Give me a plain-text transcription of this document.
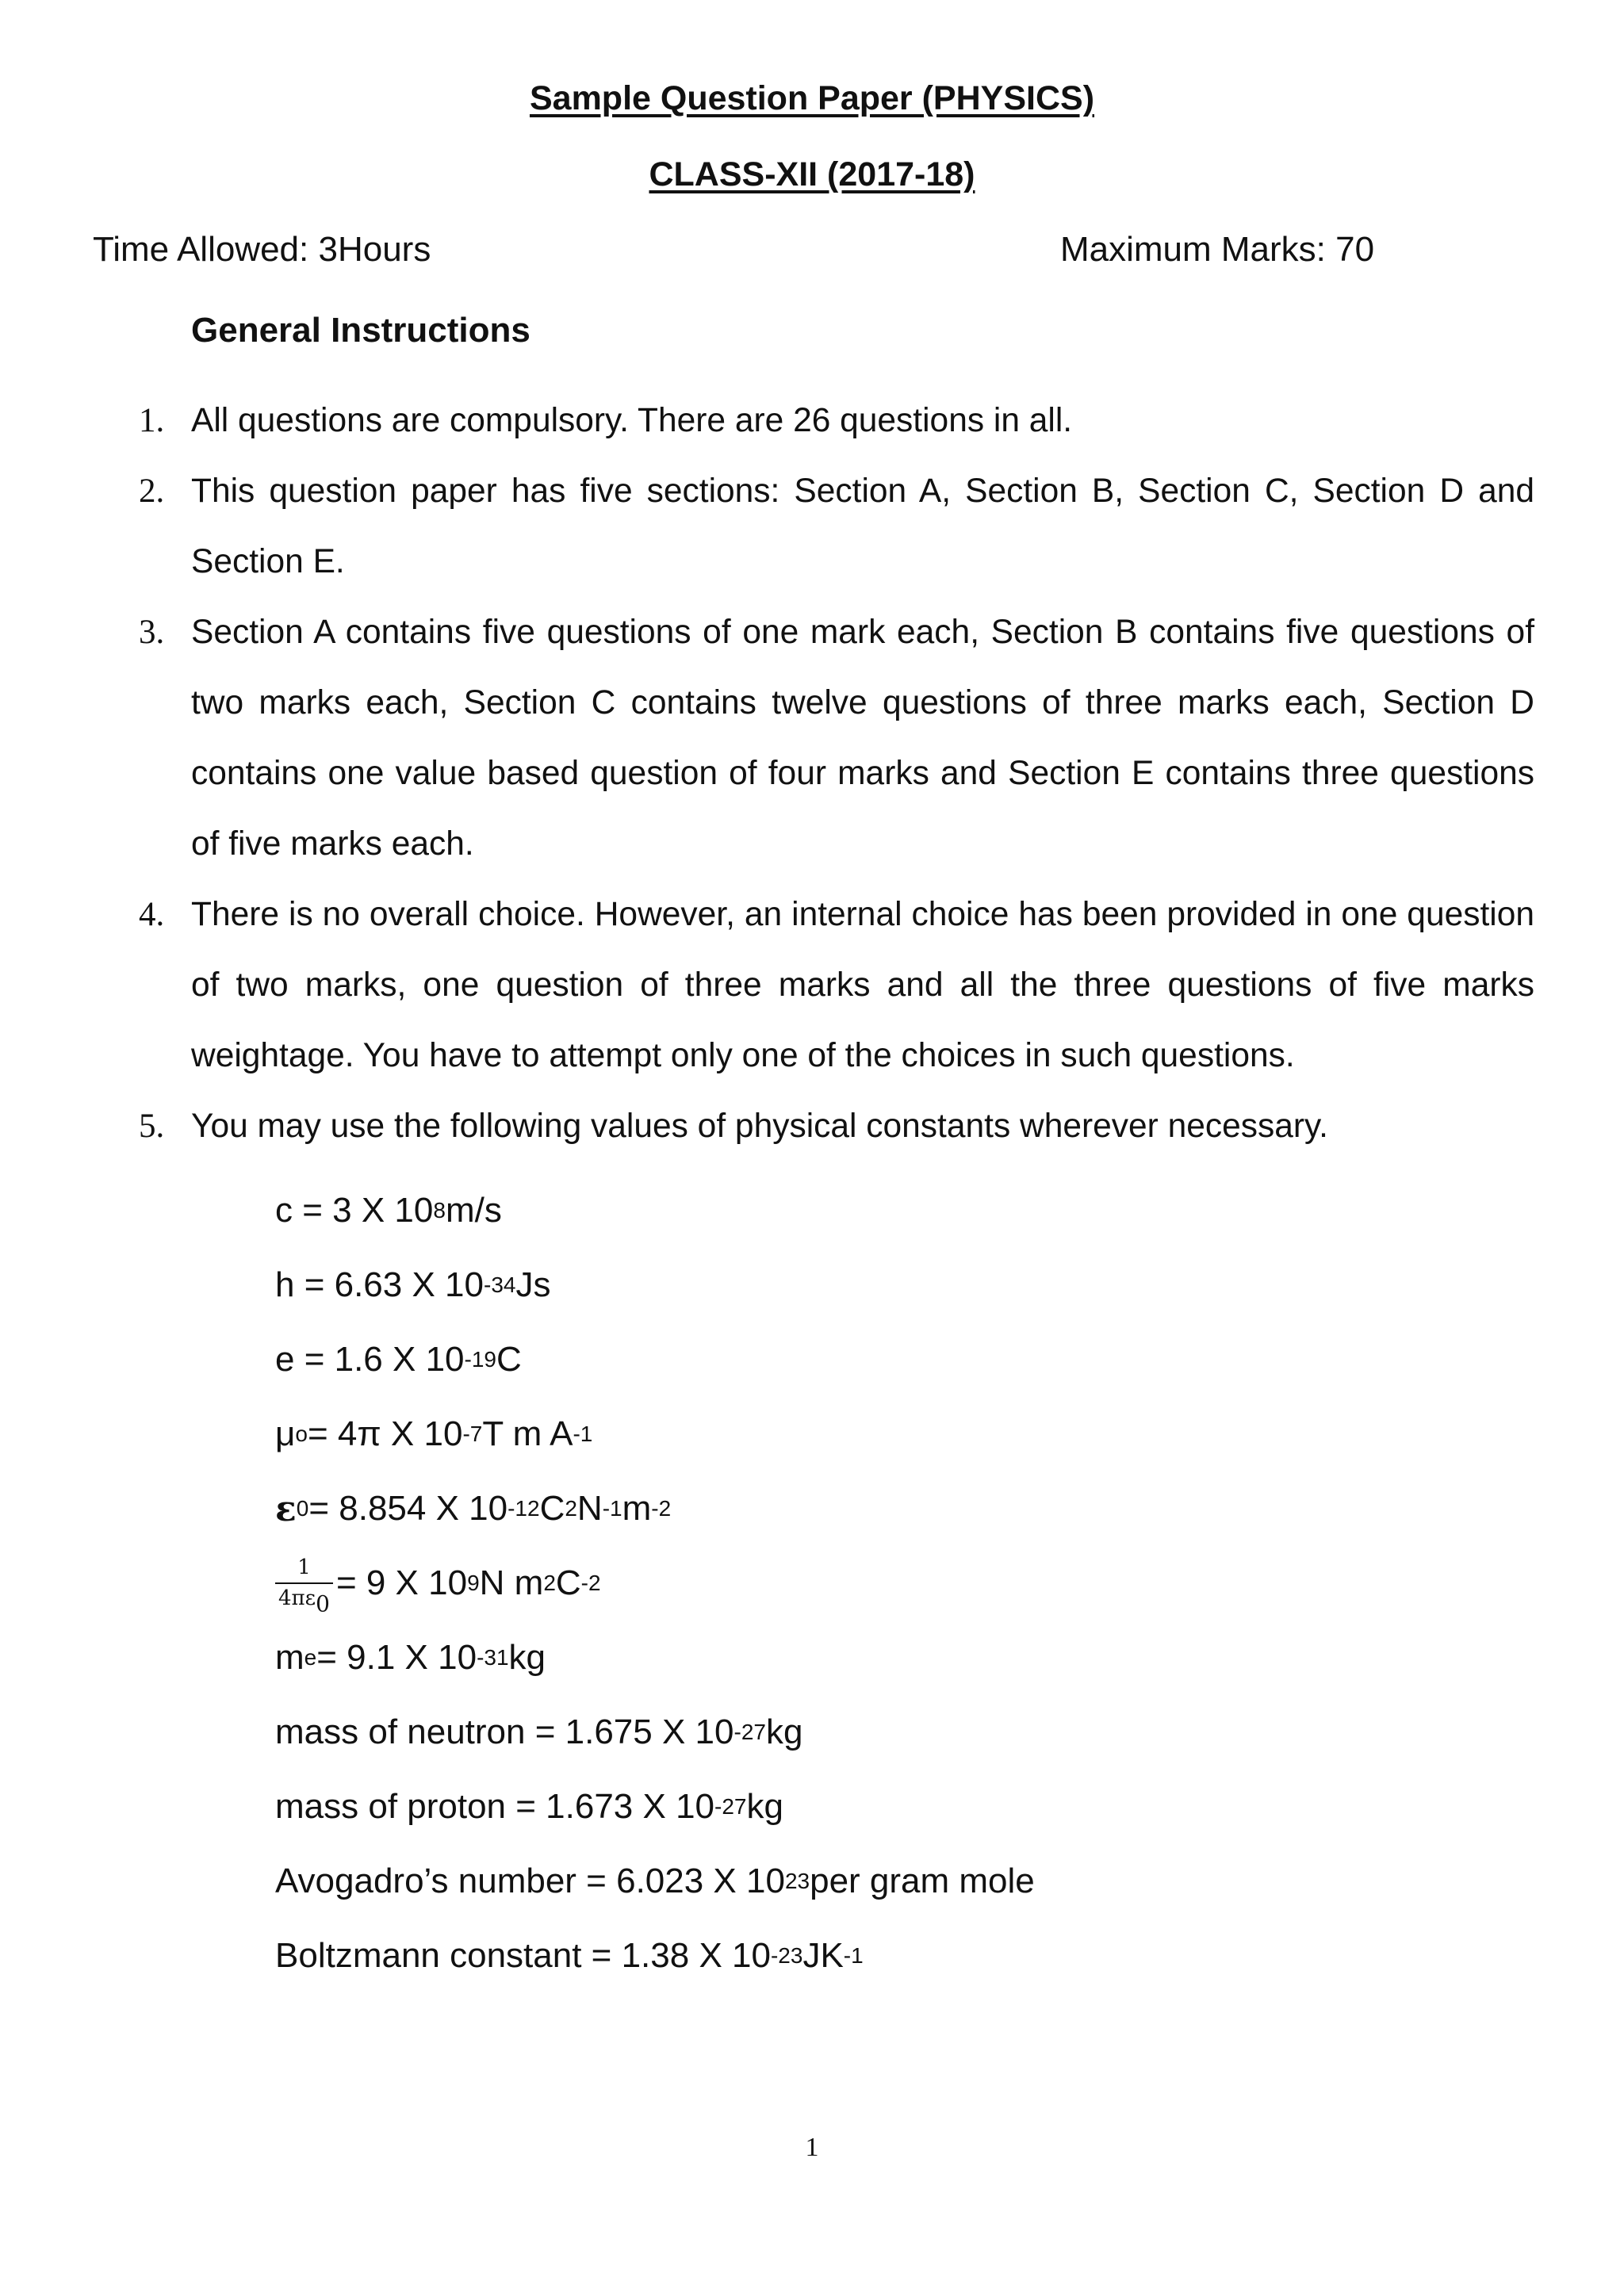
Sample Question Paper (PHYSICS)
CLASS-XII (2017-18)
Time Allowed: 3Hours	Maximum Marks: 70
General Instructions
1. All questions are compulsory. There are 26 questions in all.
2. This question paper has five sections: Section A, Section B, Section C, Section D and Section E.
3. Section A contains five questions of one mark each, Section B contains five questions of two marks each, Section C contains twelve questions of three marks each, Section D contains one value based question of four marks and Section E contains three questions of five marks each.
4. There is no overall choice. However, an internal choice has been provided in one question of two marks, one question of three marks and all the three questions of five marks weightage. You have to attempt only one of the choices in such questions.
5. You may use the following values of physical constants wherever necessary.
c = 3 X 10 8 m/s
h = 6.63 X 10 -34 Js
e = 1.6 X 10 -19 C
μ o = 4π X 10 -7 T m A -1
ε 0 = 8.854 X 10 -12 C 2 N -1 m -2
$\frac{1}{4\pi\varepsilon_0} = 9$ X 10 9 N m 2 C -2
m e = 9.1 X 10 -31 kg
mass of neutron = 1.675 X 10 -27 kg
mass of proton = 1.673 X 10 -27 kg
Avogadro’s number = 6.023 X 10 23 per gram mole
Boltzmann constant = 1.38 X 10 -23 JK -1
1
